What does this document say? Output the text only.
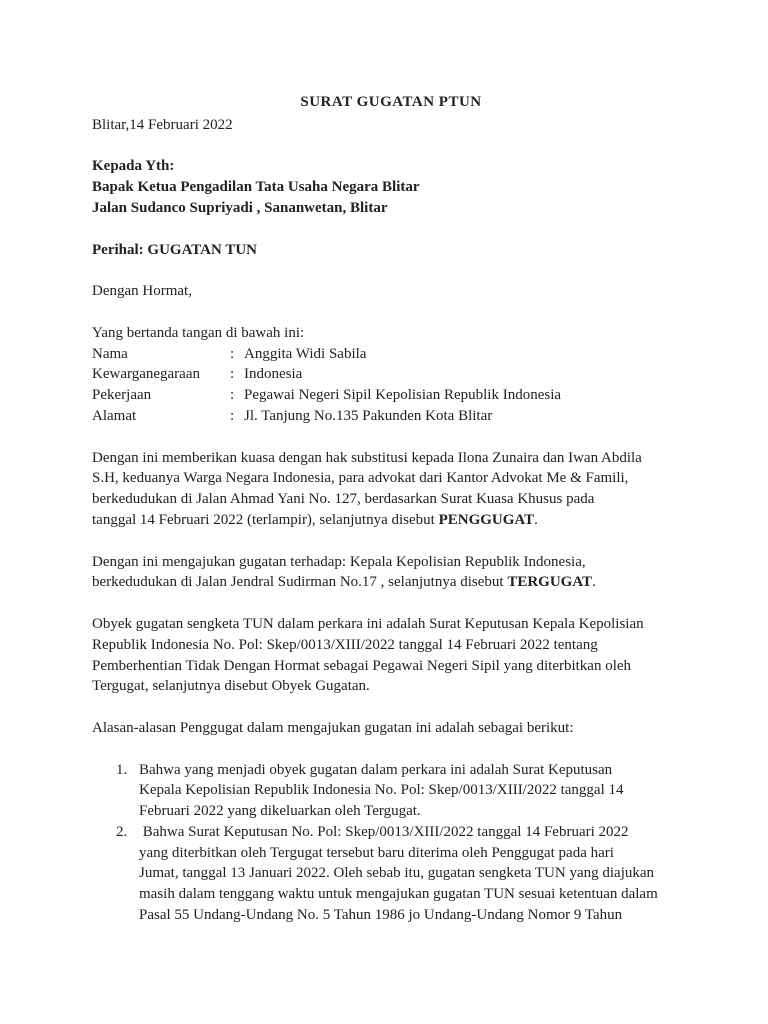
SURAT GUGATAN PTUN

Blitar,14 Februari 2022

Kepada Yth:

Bapak Ketua Pengadilan Tata Usaha Negara Blitar

Jalan Sudanco Supriyadi , Sananwetan, Blitar

Perihal: GUGATAN TUN

Dengan Hormat,

Yang bertanda tangan di bawah ini:

Nama	: Anggita Widi Sabila
Kewarganegaraan	: Indonesia
Pekerjaan	: Pegawai Negeri Sipil Kepolisian Republik Indonesia
Alamat	: Jl. Tanjung No.135 Pakunden Kota Blitar
Dengan ini memberikan kuasa dengan hak substitusi kepada Ilona Zunaira dan Iwan Abdila
S.H, keduanya Warga Negara Indonesia, para advokat dari Kantor Advokat Me & Famili,
berkedudukan di Jalan Ahmad Yani No. 127, berdasarkan Surat Kuasa Khusus pada
tanggal 14 Februari 2022 (terlampir), selanjutnya disebut PENGGUGAT.
Dengan ini mengajukan gugatan terhadap: Kepala Kepolisian Republik Indonesia,
berkedudukan di Jalan Jendral Sudirman No.17 , selanjutnya disebut TERGUGAT.
Obyek gugatan sengketa TUN dalam perkara ini adalah Surat Keputusan Kepala Kepolisian
Republik Indonesia No. Pol: Skep/0013/XIII/2022 tanggal 14 Februari 2022 tentang
Pemberhentian Tidak Dengan Hormat sebagai Pegawai Negeri Sipil yang diterbitkan oleh
Tergugat, selanjutnya disebut Obyek Gugatan.

Alasan-alasan Penggugat dalam mengajukan gugatan ini adalah sebagai berikut:

1. Bahwa yang menjadi obyek gugatan dalam perkara ini adalah Surat Keputusan
Kepala Kepolisian Republik Indonesia No. Pol: Skep/0013/XIII/2022 tanggal 14
Februari 2022 yang dikeluarkan oleh Tergugat.
2. Bahwa Surat Keputusan No. Pol: Skep/0013/XIII/2022 tanggal 14 Februari 2022
yang diterbitkan oleh Tergugat tersebut baru diterima oleh Penggugat pada hari
Jumat, tanggal 13 Januari 2022. Oleh sebab itu, gugatan sengketa TUN yang diajukan
masih dalam tenggang waktu untuk mengajukan gugatan TUN sesuai ketentuan dalam
Pasal 55 Undang-Undang No. 5 Tahun 1986 jo Undang-Undang Nomor 9 Tahun
